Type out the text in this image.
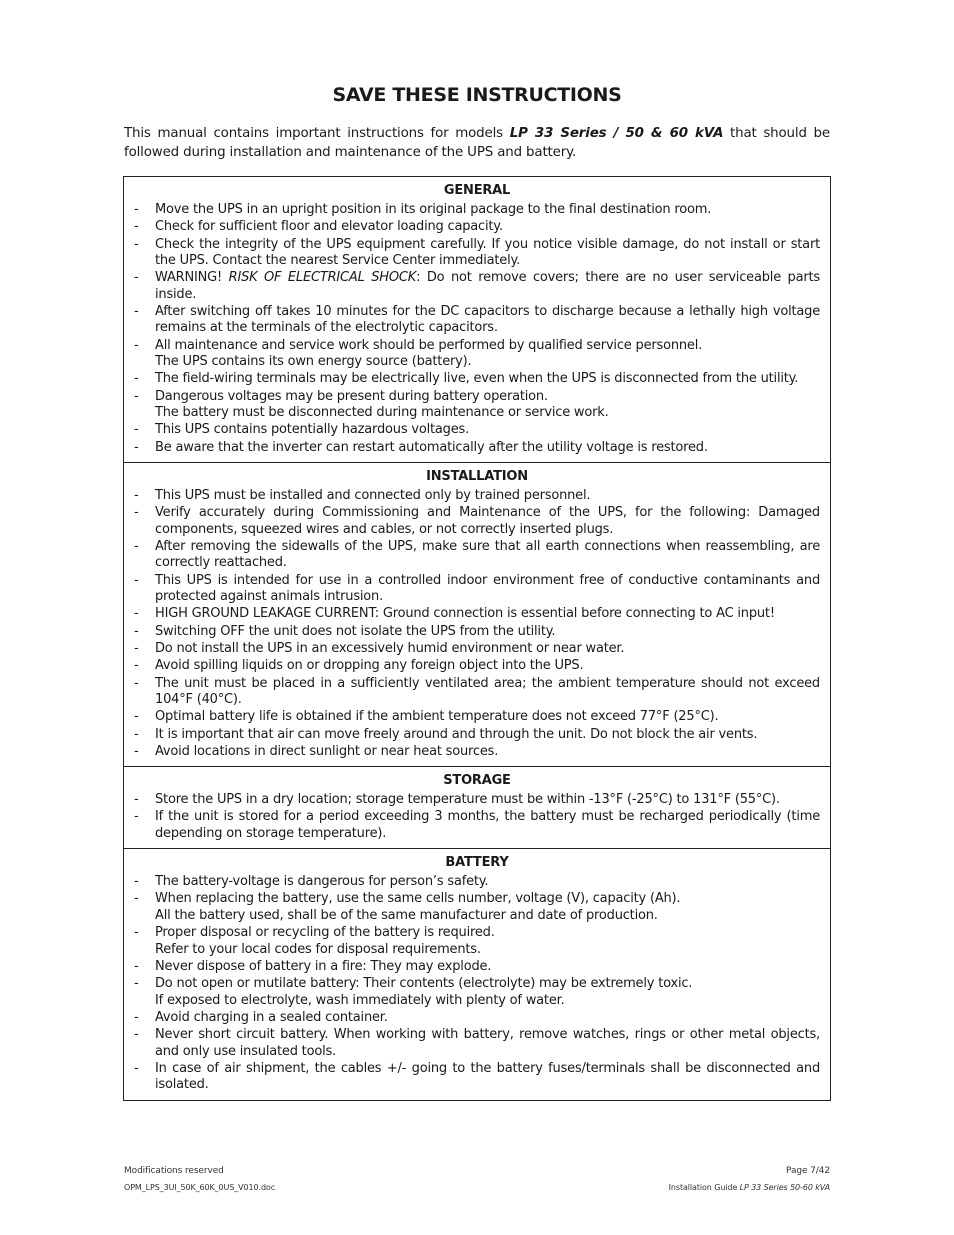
SAVE THESE INSTRUCTIONS
This manual contains important instructions for models LP 33 Series / 50 & 60 kVA that should be followed during installation and maintenance of the UPS and battery.
GENERAL
- Move the UPS in an upright position in its original package to the final destination room.
- Check for sufficient floor and elevator loading capacity.
- Check the integrity of the UPS equipment carefully. If you notice visible damage, do not install or start the UPS. Contact the nearest Service Center immediately.
- WARNING! RISK OF ELECTRICAL SHOCK: Do not remove covers; there are no user serviceable parts inside.
- After switching off takes 10 minutes for the DC capacitors to discharge because a lethally high voltage remains at the terminals of the electrolytic capacitors.
- All maintenance and service work should be performed by qualified service personnel.
The UPS contains its own energy source (battery).
- The field-wiring terminals may be electrically live, even when the UPS is disconnected from the utility.
- Dangerous voltages may be present during battery operation.
The battery must be disconnected during maintenance or service work.
- This UPS contains potentially hazardous voltages.
- Be aware that the inverter can restart automatically after the utility voltage is restored.
INSTALLATION
- This UPS must be installed and connected only by trained personnel.
- Verify accurately during Commissioning and Maintenance of the UPS, for the following: Damaged components, squeezed wires and cables, or not correctly inserted plugs.
- After removing the sidewalls of the UPS, make sure that all earth connections when reassembling, are correctly reattached.
- This UPS is intended for use in a controlled indoor environment free of conductive contaminants and protected against animals intrusion.
- HIGH GROUND LEAKAGE CURRENT: Ground connection is essential before connecting to AC input!
- Switching OFF the unit does not isolate the UPS from the utility.
- Do not install the UPS in an excessively humid environment or near water.
- Avoid spilling liquids on or dropping any foreign object into the UPS.
- The unit must be placed in a sufficiently ventilated area; the ambient temperature should not exceed 104°F (40°C).
- Optimal battery life is obtained if the ambient temperature does not exceed 77°F (25°C).
- It is important that air can move freely around and through the unit. Do not block the air vents.
- Avoid locations in direct sunlight or near heat sources.
STORAGE
- Store the UPS in a dry location; storage temperature must be within -13°F (-25°C) to 131°F (55°C).
- If the unit is stored for a period exceeding 3 months, the battery must be recharged periodically (time depending on storage temperature).
BATTERY
- The battery-voltage is dangerous for person’s safety.
- When replacing the battery, use the same cells number, voltage (V), capacity (Ah).
All the battery used, shall be of the same manufacturer and date of production.
- Proper disposal or recycling of the battery is required.
Refer to your local codes for disposal requirements.
- Never dispose of battery in a fire: They may explode.
- Do not open or mutilate battery: Their contents (electrolyte) may be extremely toxic.
If exposed to electrolyte, wash immediately with plenty of water.
- Avoid charging in a sealed container.
- Never short circuit battery. When working with battery, remove watches, rings or other metal objects, and only use insulated tools.
- In case of air shipment, the cables +/- going to the battery fuses/terminals shall be disconnected and isolated.
Modifications reserved
OPM_LPS_3UI_50K_60K_0US_V010.doc
Page 7/42
Installation Guide LP 33 Series 50-60 kVA
